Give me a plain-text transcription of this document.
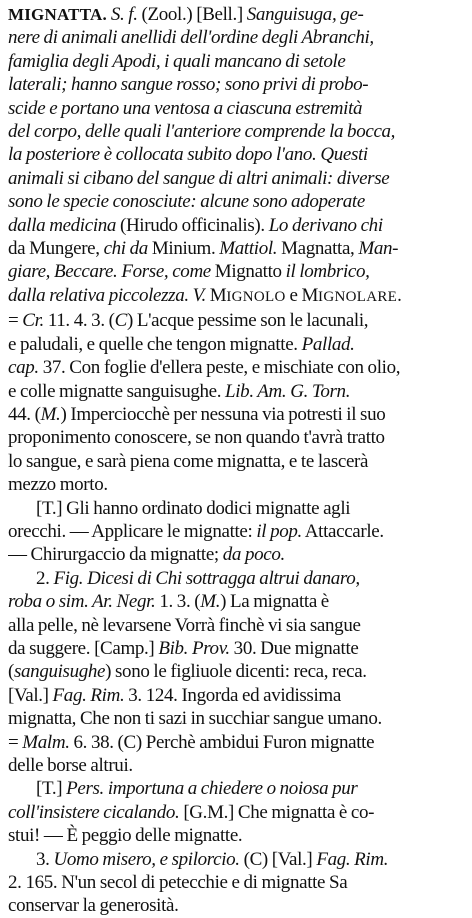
MIGNATTA. S. f. (Zool.) [Bell.] Sanguisuga, ge-
nere di animali anellidi dell'ordine degli Abranchi,
famiglia degli Apodi, i quali mancano di setole
laterali; hanno sangue rosso; sono privi di probo-
scide e portano una ventosa a ciascuna estremità
del corpo, delle quali l'anteriore comprende la bocca,
la posteriore è collocata subito dopo l'ano. Questi
animali si cibano del sangue di altri animali: diverse
sono le specie conosciute: alcune sono adoperate
dalla medicina (Hirudo officinalis). Lo derivano chi
da Mungere, chi da Minium. Mattiol. Magnatta, Man-
giare, Beccare. Forse, come Mignatto il lombrico,
dalla relativa piccolezza. V. MIGNOLO e MIGNOLARE.
= Cr. 11. 4. 3. (C) L'acque pessime son le lacunali,
e paludali, e quelle che tengon mignatte. Pallad.
cap. 37. Con foglie d'ellera peste, e mischiate con olio,
e colle mignatte sanguisughe. Lib. Am. G. Torn.
44. (M.) Imperciocchè per nessuna via potresti il suo
proponimento conoscere, se non quando t'avrà tratto
lo sangue, e sarà piena come mignatta, e te lascerà
mezzo morto.
[T.] Gli hanno ordinato dodici mignatte agli
orecchi. — Applicare le mignatte: il pop. Attaccarle.
— Chirurgaccio da mignatte; da poco.
2. Fig. Dicesi di Chi sottragga altrui danaro,
roba o sim. Ar. Negr. 1. 3. (M.) La mignatta è
alla pelle, nè levarsene Vorrà finchè vi sia sangue
da suggere. [Camp.] Bib. Prov. 30. Due mignatte
(sanguisughe) sono le figliuole dicenti: reca, reca.
[Val.] Fag. Rim. 3. 124. Ingorda ed avidissima
mignatta, Che non ti sazi in succhiar sangue umano.
= Malm. 6. 38. (C) Perchè ambidui Furon mignatte
delle borse altrui.
[T.] Pers. importuna a chiedere o noiosa pur
coll'insistere cicalando. [G.M.] Che mignatta è co-
stui! — È peggio delle mignatte.
3. Uomo misero, e spilorcio. (C) [Val.] Fag. Rim.
2. 165. N'un secol di petecchie e di mignatte Sa
conservar la generosità.
